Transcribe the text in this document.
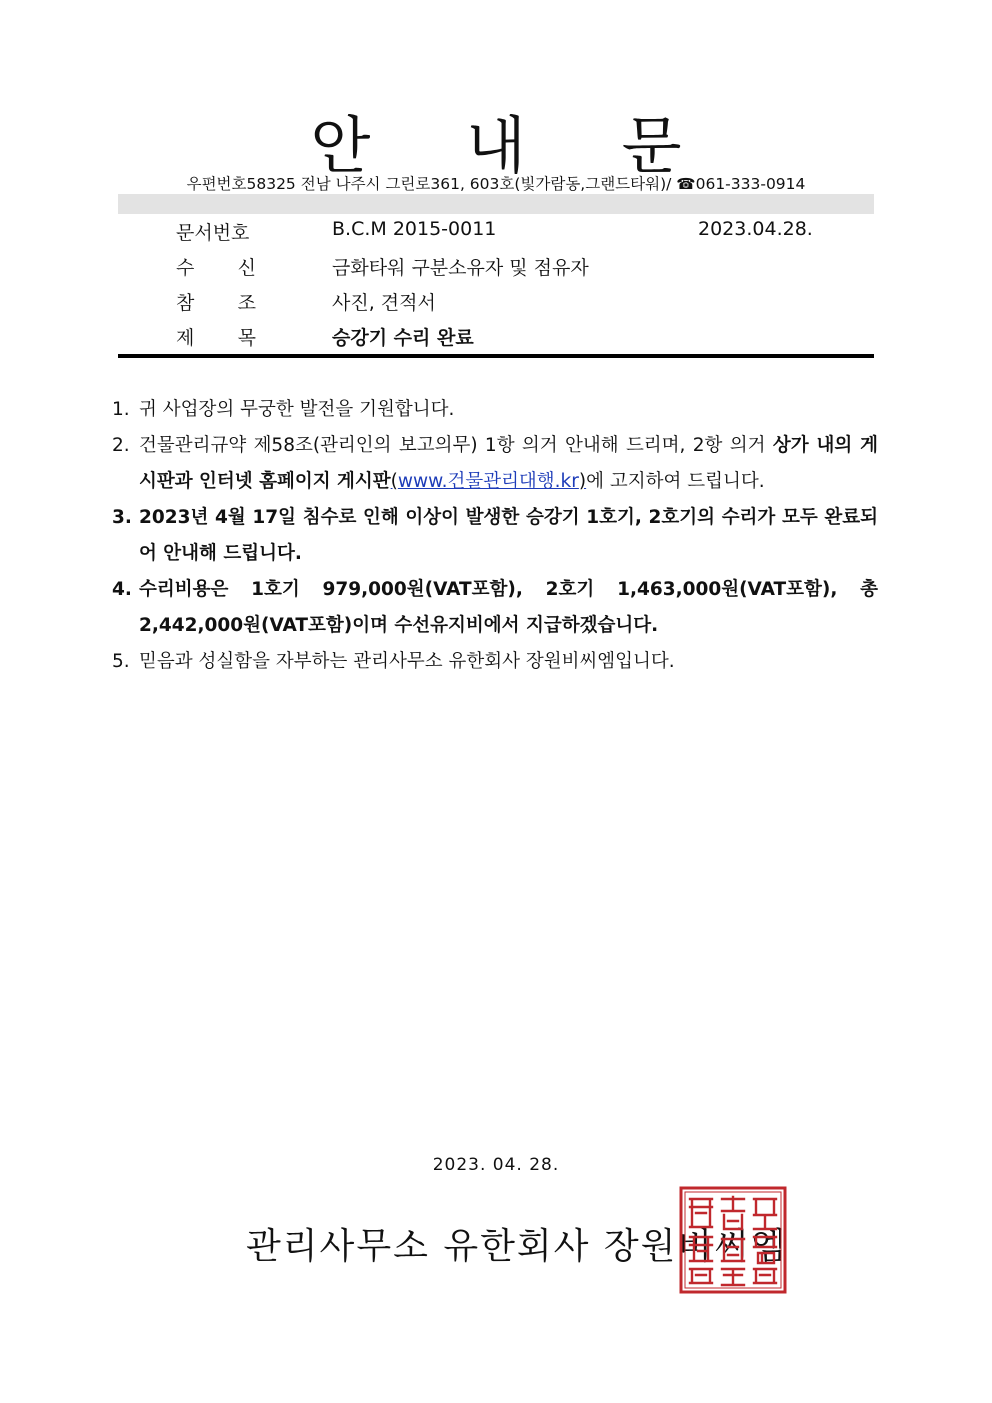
안 내 문
우편번호58325 전남 나주시 그린로361, 603호(빛가람동,그랜드타워)/ ☎061-333-0914
문서번호	B.C.M 2015-0011	2023.04.28.
수 신	금화타워 구분소유자 및 점유자
참 조	사진, 견적서
제 목	승강기 수리 완료
1. 귀 사업장의 무궁한 발전을 기원합니다.
2. 건물관리규약 제58조(관리인의 보고의무) 1항 의거 안내해 드리며, 2항 의거 상가 내의 게시판과 인터넷 홈페이지 게시판(www.건물관리대행.kr)에 고지하여 드립니다.
3. 2023년 4월 17일 침수로 인해 이상이 발생한 승강기 1호기, 2호기의 수리가 모두 완료되어 안내해 드립니다.
4. 수리비용은 1호기 979,000원(VAT포함), 2호기 1,463,000원(VAT포함), 총 2,442,000원(VAT포함)이며 수선유지비에서 지급하겠습니다.
5. 믿음과 성실함을 자부하는 관리사무소 유한회사 장원비씨엠입니다.
2023. 04. 28.
관리사무소 유한회사 장원비씨엠
